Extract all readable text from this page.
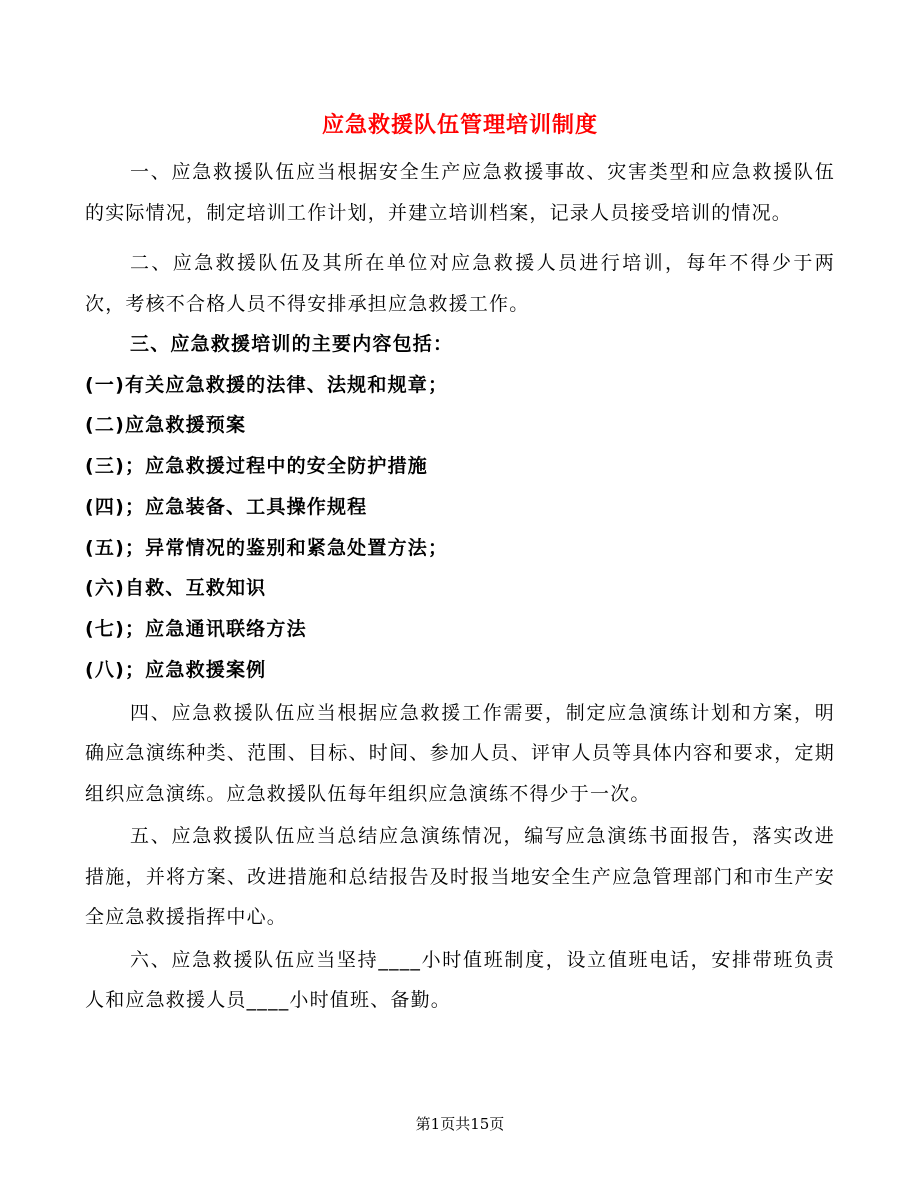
应急救援队伍管理培训制度

一、应急救援队伍应当根据安全生产应急救援事故、灾害类型和应急救援队伍的实际情况，制定培训工作计划，并建立培训档案，记录人员接受培训的情况。

二、应急救援队伍及其所在单位对应急救援人员进行培训，每年不得少于两次，考核不合格人员不得安排承担应急救援工作。

三、应急救援培训的主要内容包括：

(一)有关应急救援的法律、法规和规章；

(二)应急救援预案

(三)；应急救援过程中的安全防护措施

(四)；应急装备、工具操作规程

(五)；异常情况的鉴别和紧急处置方法；

(六)自救、互救知识

(七)；应急通讯联络方法

(八)；应急救援案例

四、应急救援队伍应当根据应急救援工作需要，制定应急演练计划和方案，明确应急演练种类、范围、目标、时间、参加人员、评审人员等具体内容和要求，定期组织应急演练。应急救援队伍每年组织应急演练不得少于一次。

五、应急救援队伍应当总结应急演练情况，编写应急演练书面报告，落实改进措施，并将方案、改进措施和总结报告及时报当地安全生产应急管理部门和市生产安全应急救援指挥中心。

六、应急救援队伍应当坚持____小时值班制度，设立值班电话，安排带班负责人和应急救援人员____小时值班、备勤。

第1页共15页
